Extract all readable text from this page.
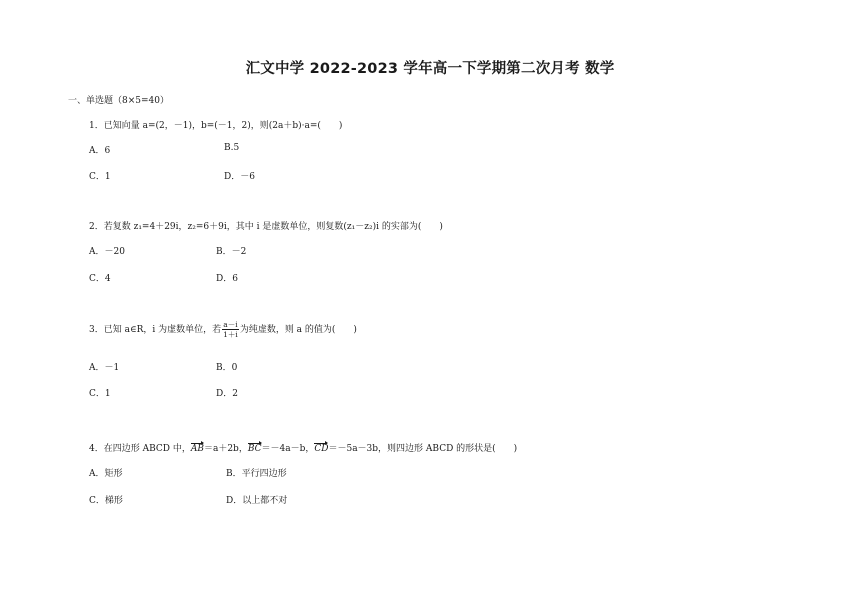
汇文中学 2022-2023 学年高一下学期第二次月考 数学
一、单选题（8×5=40）
1．已知向量 a=(2，－1)，b=(－1，2)，则(2a＋b)·a=(　　)
A．6	B.5
C．1	D．－6
2．若复数 z₁=4＋29i，z₂=6＋9i，其中 i 是虚数单位，则复数(z₁－z₂)i 的实部为(　　)
A．－20	B．－2
C．4	D．6
3．已知 a∈R，i 为虚数单位，若 $\frac{a-i}{1+i}$ 为纯虚数，则 a 的值为(　　)
A．－1	B．0
C．1	D．2
4．在四边形 ABCD 中，AB＝a＋2b，BC＝－4a－b，CD＝－5a－3b，则四边形 ABCD 的形状是(　　)
A．矩形	B．平行四边形
C．梯形	D．以上都不对
